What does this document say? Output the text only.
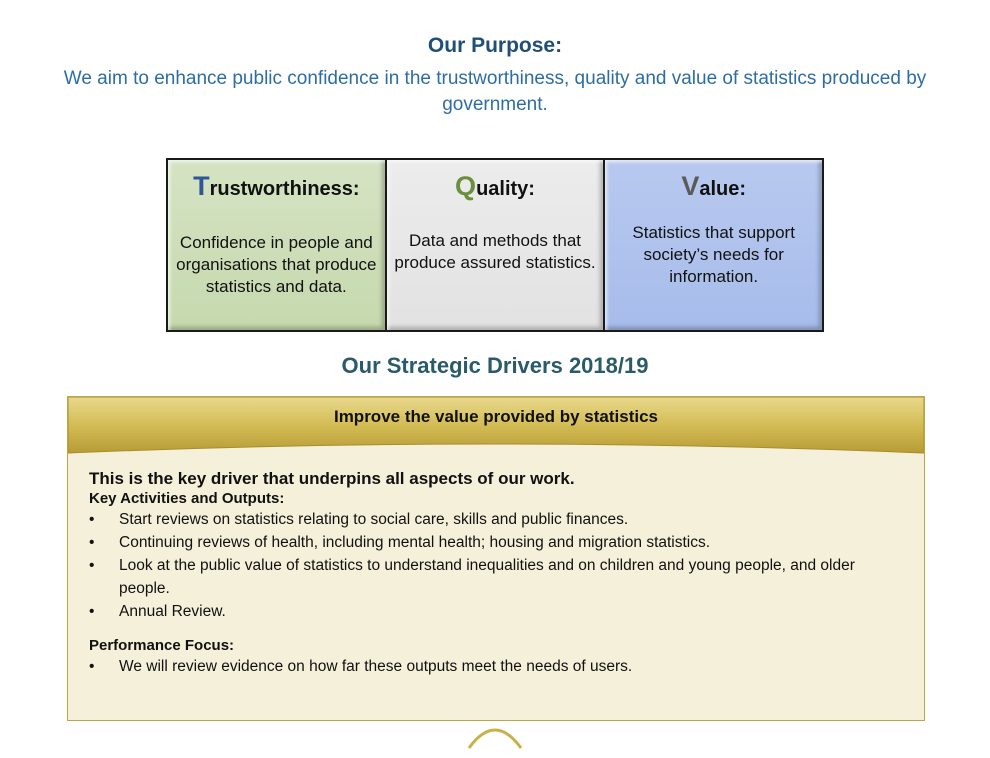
Our Purpose:
We aim to enhance public confidence in the trustworthiness, quality and value of statistics produced by government.
Trustworthiness:
Confidence in people and organisations that produce statistics and data.
Quality:
Data and methods that produce assured statistics.
Value:
Statistics that support society’s needs for information.
Our Strategic Drivers 2018/19
Improve the value provided by statistics
This is the key driver that underpins all aspects of our work.
Key Activities and Outputs:
• Start reviews on statistics relating to social care, skills and public finances.
• Continuing reviews of health, including mental health; housing and migration statistics.
• Look at the public value of statistics to understand inequalities and on children and young people, and older people.
• Annual Review.
Performance Focus:
• We will review evidence on how far these outputs meet the needs of users.
